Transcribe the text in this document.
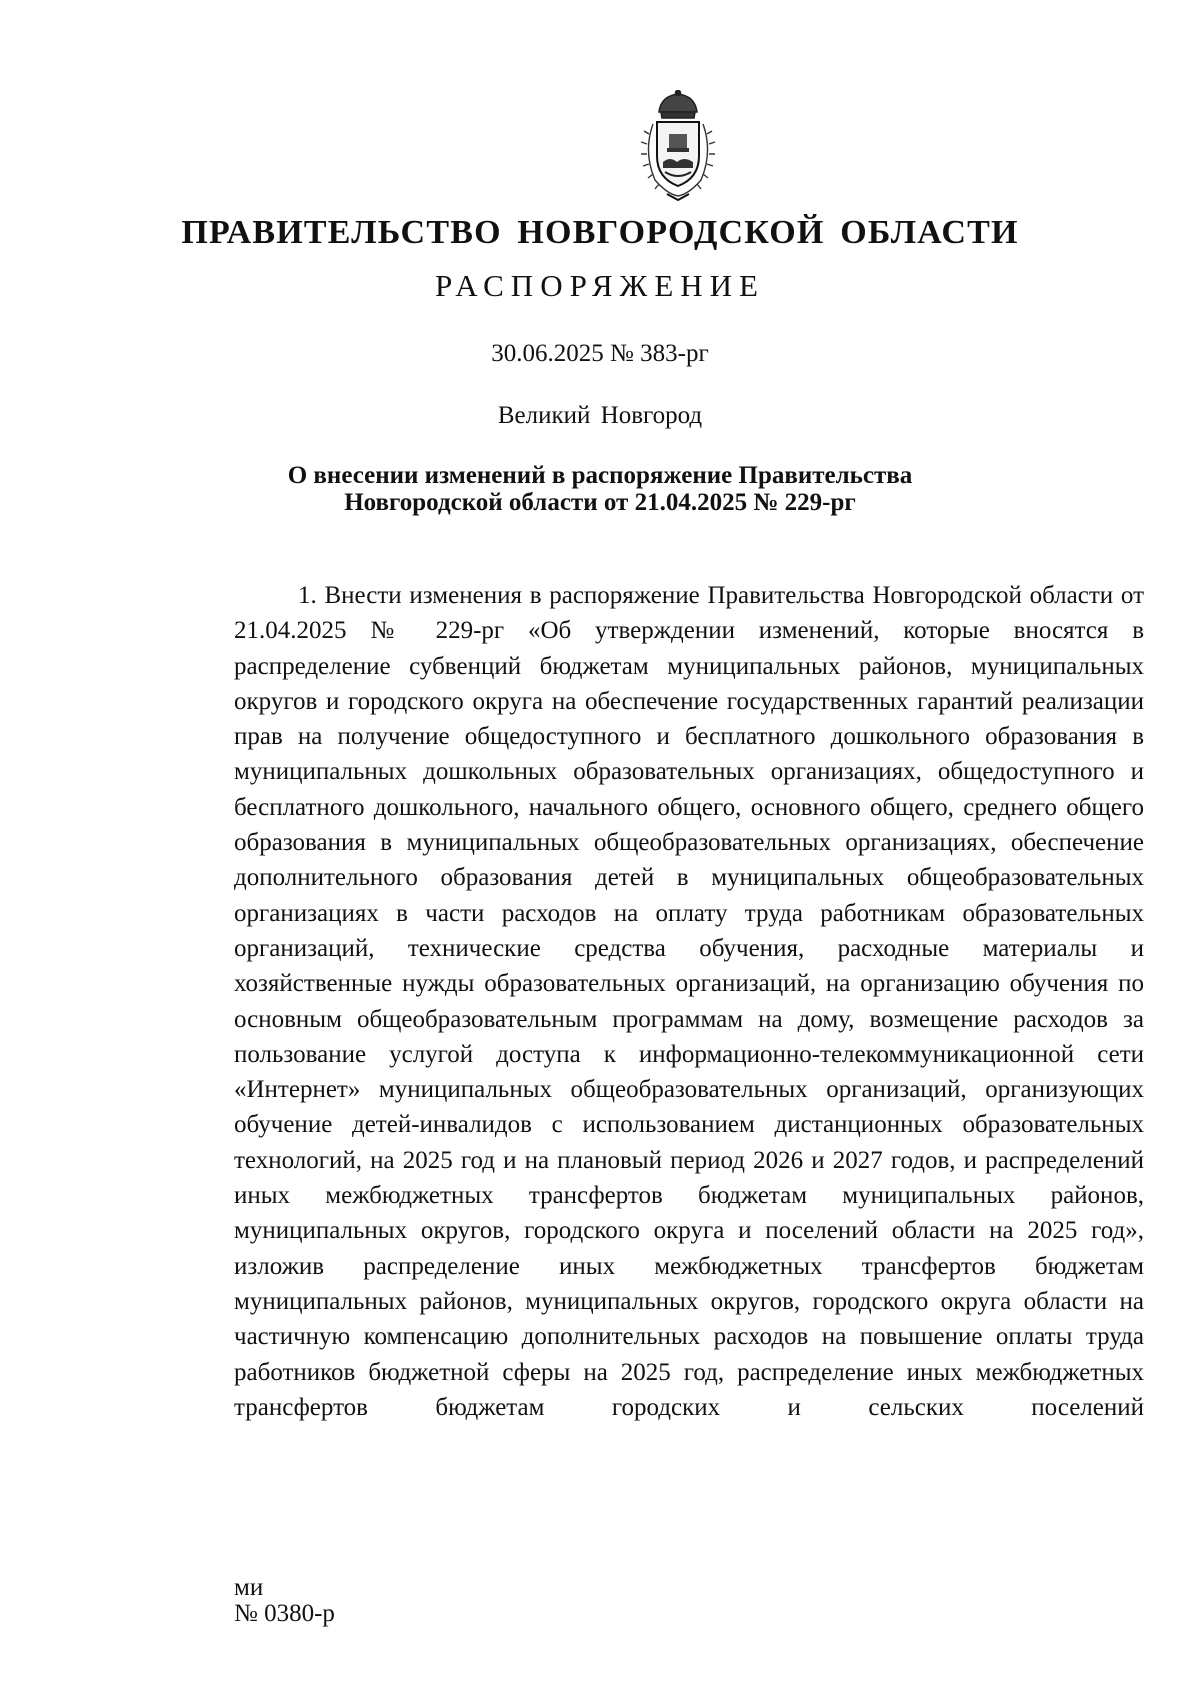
ПРАВИТЕЛЬСТВО НОВГОРОДСКОЙ ОБЛАСТИ
РАСПОРЯЖЕНИЕ
30.06.2025 № 383-рг
Великий Новгород
О внесении изменений в распоряжение Правительства
Новгородской области от 21.04.2025 № 229-рг

1. Внести изменения в распоряжение Правительства Новгородской области от 21.04.2025 № 229-рг «Об утверждении изменений, которые вносятся в распределение субвенций бюджетам муниципальных районов, муниципальных округов и городского округа на обеспечение государственных гарантий реализации прав на получение общедоступного и бесплатного дошкольного образования в муниципальных дошкольных образовательных организациях, общедоступного и бесплатного дошкольного, начального общего, основного общего, среднего общего образования в муниципальных общеобразовательных организациях, обеспечение дополнительного образования детей в муниципальных общеобразовательных организациях в части расходов на оплату труда работникам образовательных организаций, технические средства обучения, расходные материалы и хозяйственные нужды образовательных организаций, на организацию обучения по основным общеобразовательным программам на дому, возмещение расходов за пользование услугой доступа к информационно-телекоммуникационной сети «Интернет» муниципальных общеобразовательных организаций, организующих обучение детей-инвалидов с использованием дистанционных образовательных технологий, на 2025 год и на плановый период 2026 и 2027 годов, и распределений иных межбюджетных трансфертов бюджетам муниципальных районов, муниципальных округов, городского округа и поселений области на 2025 год», изложив распределение иных межбюджетных трансфертов бюджетам муниципальных районов, муниципальных округов, городского округа области на частичную компенсацию дополнительных расходов на повышение оплаты труда работников бюджетной сферы на 2025 год, распределение иных межбюджетных трансфертов бюджетам городских и сельских поселений

ми
№ 0380-р
